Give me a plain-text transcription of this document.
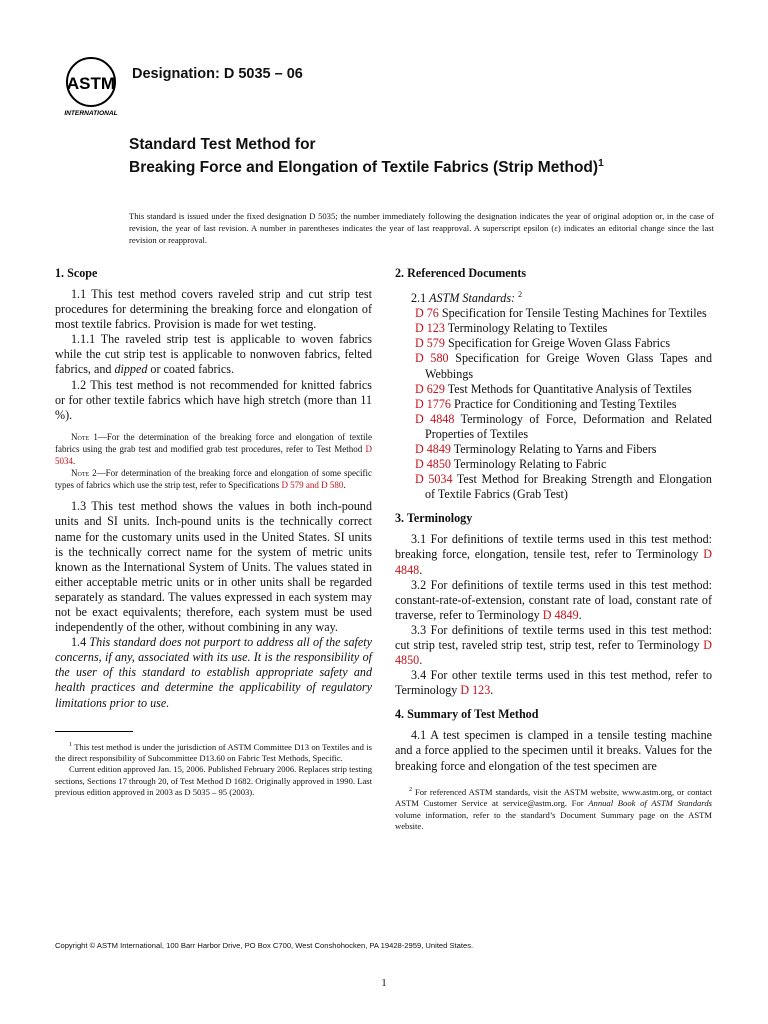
ASTM
INTERNATIONAL
Designation: D 5035 – 06
Standard Test Method for
Breaking Force and Elongation of Textile Fabrics (Strip Method)$^1$
This standard is issued under the fixed designation D 5035; the number immediately following the designation indicates the year of original adoption or, in the case of revision, the year of last revision. A number in parentheses indicates the year of last reapproval. A superscript epsilon (ε) indicates an editorial change since the last revision or reapproval.
1. Scope

1.1 This test method covers raveled strip and cut strip test procedures for determining the breaking force and elongation of most textile fabrics. Provision is made for wet testing.

1.1.1 The raveled strip test is applicable to woven fabrics while the cut strip test is applicable to nonwoven fabrics, felted fabrics, and dipped or coated fabrics.

1.2 This test method is not recommended for knitted fabrics or for other textile fabrics which have high stretch (more than 11 %).

Note 1—For the determination of the breaking force and elongation of textile fabrics using the grab test and modified grab test procedures, refer to Test Method D 5034.

Note 2—For determination of the breaking force and elongation of some specific types of fabrics which use the strip test, refer to Specifications D 579 and D 580.

1.3 This test method shows the values in both inch-pound units and SI units. Inch-pound units is the technically correct name for the customary units used in the United States. SI units is the technically correct name for the system of metric units known as the International System of Units. The values stated in either acceptable metric units or in other units shall be regarded separately as standard. The values expressed in each system may not be exact equivalents; therefore, each system must be used independently of the other, without combining in any way.

1.4 This standard does not purport to address all of the safety concerns, if any, associated with its use. It is the responsibility of the user of this standard to establish appropriate safety and health practices and determine the applicability of regulatory limitations prior to use.

$^1$ This test method is under the jurisdiction of ASTM Committee D13 on Textiles and is the direct responsibility of Subcommittee D13.60 on Fabric Test Methods, Specific.

Current edition approved Jan. 15, 2006. Published February 2006. Replaces strip testing sections, Sections 17 through 20, of Test Method D 1682. Originally approved in 1990. Last previous edition approved in 2003 as D 5035 – 95 (2003).

2. Referenced Documents

2.1 ASTM Standards: $^2$

D 76 Specification for Tensile Testing Machines for Textiles

D 123 Terminology Relating to Textiles

D 579 Specification for Greige Woven Glass Fabrics

D 580 Specification for Greige Woven Glass Tapes and Webbings

D 629 Test Methods for Quantitative Analysis of Textiles

D 1776 Practice for Conditioning and Testing Textiles

D 4848 Terminology of Force, Deformation and Related Properties of Textiles

D 4849 Terminology Relating to Yarns and Fibers

D 4850 Terminology Relating to Fabric

D 5034 Test Method for Breaking Strength and Elongation of Textile Fabrics (Grab Test)

3. Terminology

3.1 For definitions of textile terms used in this test method: breaking force, elongation, tensile test, refer to Terminology D 4848.

3.2 For definitions of textile terms used in this test method: constant-rate-of-extension, constant rate of load, constant rate of traverse, refer to Terminology D 4849.

3.3 For definitions of textile terms used in this test method: cut strip test, raveled strip test, strip test, refer to Terminology D 4850.

3.4 For other textile terms used in this test method, refer to Terminology D 123.

4. Summary of Test Method

4.1 A test specimen is clamped in a tensile testing machine and a force applied to the specimen until it breaks. Values for the breaking force and elongation of the test specimen are

$^2$ For referenced ASTM standards, visit the ASTM website, www.astm.org, or contact ASTM Customer Service at service@astm.org. For Annual Book of ASTM Standards volume information, refer to the standard’s Document Summary page on the ASTM website.

Copyright © ASTM International, 100 Barr Harbor Drive, PO Box C700, West Conshohocken, PA 19428-2959, United States.
1
